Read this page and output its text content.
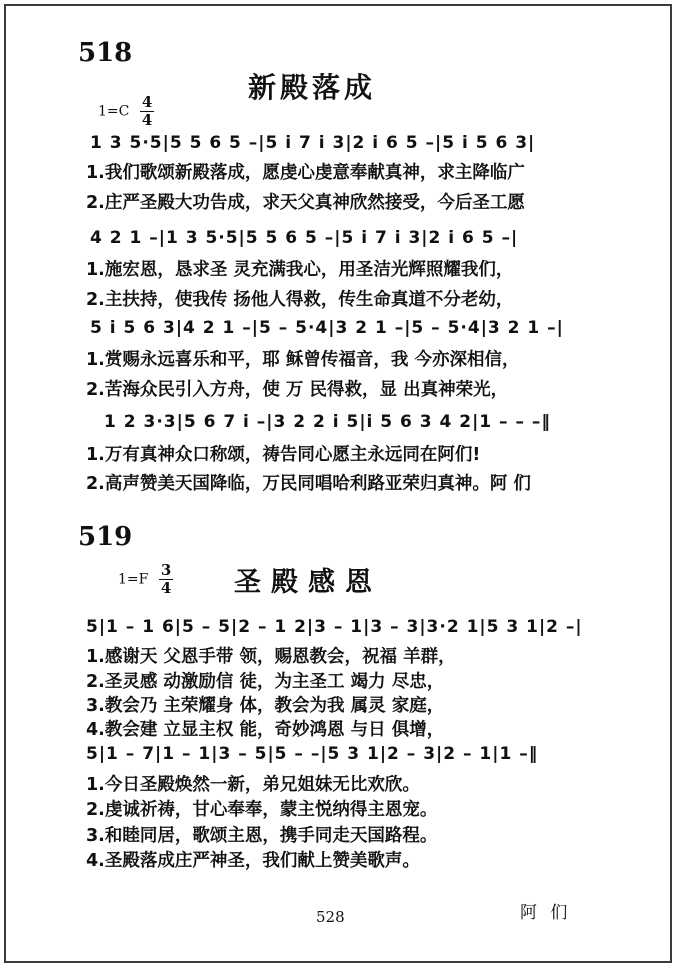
518
新殿落成
$1=C \frac{4}{4}$
1 3 5·5|5 5 6 5 –|5 i 7 i 3|2 i 6 5 –|5 i 5 6 3|
1.我们歌颂新殿落成，愿虔心虔意奉献真神，求主降临广
2.庄严圣殿大功告成，求天父真神欣然接受，今后圣工愿
4 2 1 –|1 3 5·5|5 5 6 5 –|5 i 7 i 3|2 i 6 5 –|
1.施宏恩，恳求圣 灵充满我心，用圣洁光辉照耀我们，
2.主扶持，使我传 扬他人得救，传生命真道不分老幼，
5 i 5 6 3|4 2 1 –|5 – 5·4|3 2 1 –|5 – 5·4|3 2 1 –|
1.赏赐永远喜乐和平，耶 稣曾传福音，我 今亦深相信，
2.苦海众民引入方舟，使 万 民得救，显 出真神荣光，
1 2 3·3|5 6 7 i –|3 2 2 i 5|i 5 6 3 4 2|1 – – –‖
1.万有真神众口称颂，祷告同心愿主永远同在阿们!
2.高声赞美天国降临，万民同唱哈利路亚荣归真神。阿 们
519
圣殿感恩
$1=F \frac{3}{4}$
5|1 – 1 6|5 – 5|2 – 1 2|3 – 1|3 – 3|3·2 1|5 3 1|2 –|
1.感谢天 父恩手带 领，赐恩教会，祝福 羊群，
2.圣灵感 动激励信 徒，为主圣工 竭力 尽忠，
3.教会乃 主荣耀身 体，教会为我 属灵 家庭，
4.教会建 立显主权 能，奇妙鸿恩 与日 俱增，
5|1 – 7|1 – 1|3 – 5|5 – –|5 3 1|2 – 3|2 – 1|1 –‖
1.今日圣殿焕然一新，弟兄姐妹无比欢欣。
2.虔诚祈祷，甘心奉奉，蒙主悦纳得主恩宠。
3.和睦同居，歌颂主恩，携手同走天国路程。
4.圣殿落成庄严神圣，我们献上赞美歌声。
阿 们
528
